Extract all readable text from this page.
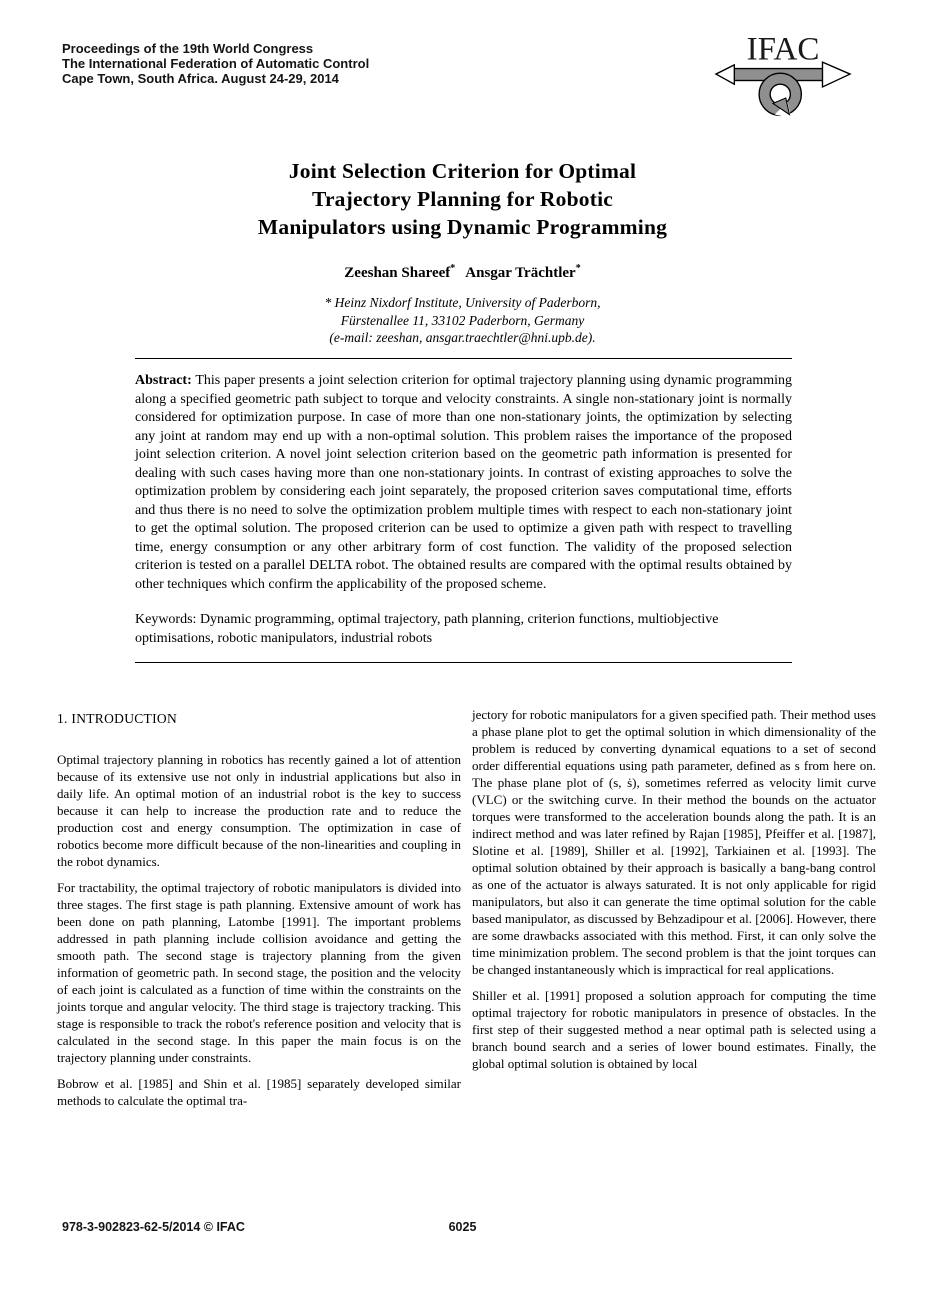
Proceedings of the 19th World Congress
The International Federation of Automatic Control
Cape Town, South Africa. August 24-29, 2014
IFAC
Joint Selection Criterion for Optimal
Trajectory Planning for Robotic
Manipulators using Dynamic Programming
Zeeshan Shareef* Ansgar Trächtler*
* Heinz Nixdorf Institute, University of Paderborn,
Fürstenallee 11, 33102 Paderborn, Germany
(e-mail: zeeshan, ansgar.traechtler@hni.upb.de).

Abstract: This paper presents a joint selection criterion for optimal trajectory planning using dynamic programming along a specified geometric path subject to torque and velocity constraints. A single non-stationary joint is normally considered for optimization purpose. In case of more than one non-stationary joints, the optimization by selecting any joint at random may end up with a non-optimal solution. This problem raises the importance of the proposed joint selection criterion. A novel joint selection criterion based on the geometric path information is presented for dealing with such cases having more than one non-stationary joints. In contrast of existing approaches to solve the optimization problem by considering each joint separately, the proposed criterion saves computational time, efforts and thus there is no need to solve the optimization problem multiple times with respect to each non-stationary joint to get the optimal solution. The proposed criterion can be used to optimize a given path with respect to travelling time, energy consumption or any other arbitrary form of cost function. The validity of the proposed selection criterion is tested on a parallel DELTA robot. The obtained results are compared with the optimal results obtained by other techniques which confirm the applicability of the proposed scheme.

Keywords: Dynamic programming, optimal trajectory, path planning, criterion functions, multiobjective optimisations, robotic manipulators, industrial robots

1. INTRODUCTION

Optimal trajectory planning in robotics has recently gained a lot of attention because of its extensive use not only in industrial applications but also in daily life. An optimal motion of an industrial robot is the key to success because it can help to increase the production rate and to reduce the production cost and energy consumption. The optimization in case of robotics become more difficult because of the non-linearities and coupling in the robot dynamics.

For tractability, the optimal trajectory of robotic manipulators is divided into three stages. The first stage is path planning. Extensive amount of work has been done on path planning, Latombe [1991]. The important problems addressed in path planning include collision avoidance and getting the smooth path. The second stage is trajectory planning from the given information of geometric path. In second stage, the position and the velocity of each joint is calculated as a function of time within the constraints on the joints torque and angular velocity. The third stage is trajectory tracking. This stage is responsible to track the robot's reference position and velocity that is calculated in the second stage. In this paper the main focus is on the trajectory planning under constraints.

Bobrow et al. [1985] and Shin et al. [1985] separately developed similar methods to calculate the optimal tra-

jectory for robotic manipulators for a given specified path. Their method uses a phase plane plot to get the optimal solution in which dimensionality of the problem is reduced by converting dynamical equations to a set of second order differential equations using path parameter, defined as s from here on. The phase plane plot of (s, ṡ), sometimes referred as velocity limit curve (VLC) or the switching curve. In their method the bounds on the actuator torques were transformed to the acceleration bounds along the path. It is an indirect method and was later refined by Rajan [1985], Pfeiffer et al. [1987], Slotine et al. [1989], Shiller et al. [1992], Tarkiainen et al. [1993]. The optimal solution obtained by their approach is basically a bang-bang control as one of the actuator is always saturated. It is not only applicable for rigid manipulators, but also it can generate the time optimal solution for the cable based manipulator, as discussed by Behzadipour et al. [2006]. However, there are some drawbacks associated with this method. First, it can only solve the time minimization problem. The second problem is that the joint torques can be changed instantaneously which is impractical for real applications.

Shiller et al. [1991] proposed a solution approach for computing the time optimal trajectory for robotic manipulators in presence of obstacles. In the first step of their suggested method a near optimal path is selected using a branch bound search and a series of lower bound estimates. Finally, the global optimal solution is obtained by local

978-3-902823-62-5/2014 © IFAC	6025
